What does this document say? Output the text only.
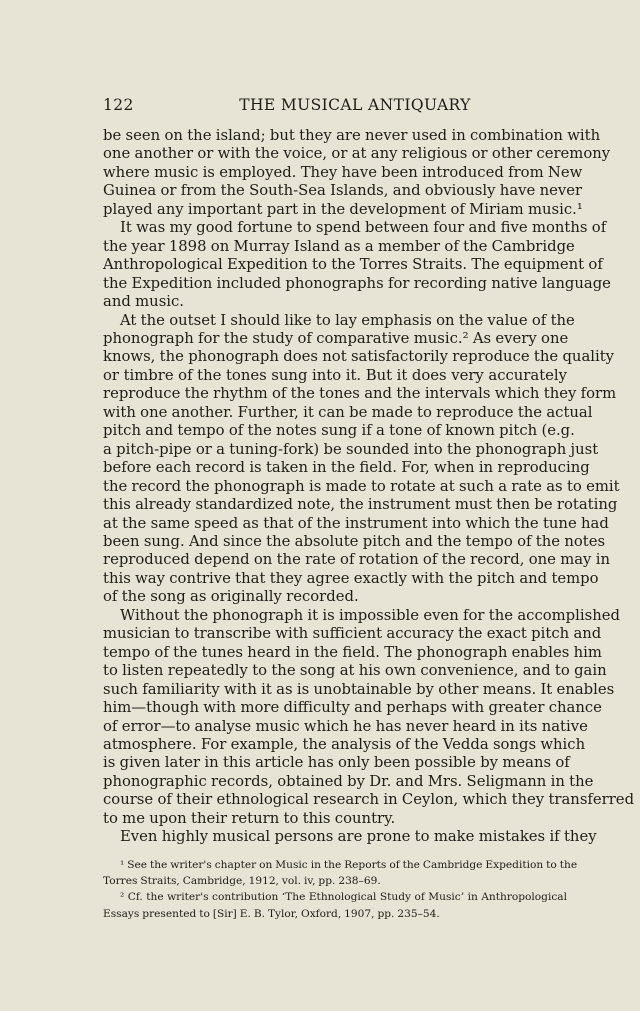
122	THE MUSICAL ANTIQUARY
be seen on the island; but they are never used in combination with
one another or with the voice, or at any religious or other ceremony
where music is employed. They have been introduced from New
Guinea or from the South-Sea Islands, and obviously have never
played any important part in the development of Miriam music.¹
It was my good fortune to spend between four and five months of
the year 1898 on Murray Island as a member of the Cambridge
Anthropological Expedition to the Torres Straits. The equipment of
the Expedition included phonographs for recording native language
and music.
At the outset I should like to lay emphasis on the value of the
phonograph for the study of comparative music.² As every one
knows, the phonograph does not satisfactorily reproduce the quality
or timbre of the tones sung into it. But it does very accurately
reproduce the rhythm of the tones and the intervals which they form
with one another. Further, it can be made to reproduce the actual
pitch and tempo of the notes sung if a tone of known pitch (e.g.
a pitch-pipe or a tuning-fork) be sounded into the phonograph just
before each record is taken in the field. For, when in reproducing
the record the phonograph is made to rotate at such a rate as to emit
this already standardized note, the instrument must then be rotating
at the same speed as that of the instrument into which the tune had
been sung. And since the absolute pitch and the tempo of the notes
reproduced depend on the rate of rotation of the record, one may in
this way contrive that they agree exactly with the pitch and tempo
of the song as originally recorded.
Without the phonograph it is impossible even for the accomplished
musician to transcribe with sufficient accuracy the exact pitch and
tempo of the tunes heard in the field. The phonograph enables him
to listen repeatedly to the song at his own convenience, and to gain
such familiarity with it as is unobtainable by other means. It enables
him—though with more difficulty and perhaps with greater chance
of error—to analyse music which he has never heard in its native
atmosphere. For example, the analysis of the Vedda songs which
is given later in this article has only been possible by means of
phonographic records, obtained by Dr. and Mrs. Seligmann in the
course of their ethnological research in Ceylon, which they transferred
to me upon their return to this country.
Even highly musical persons are prone to make mistakes if they
¹ See the writer's chapter on Music in the Reports of the Cambridge Expedition to the
Torres Straits, Cambridge, 1912, vol. iv, pp. 238–69.
² Cf. the writer's contribution ‘The Ethnological Study of Music’ in Anthropological
Essays presented to [Sir] E. B. Tylor, Oxford, 1907, pp. 235–54.
